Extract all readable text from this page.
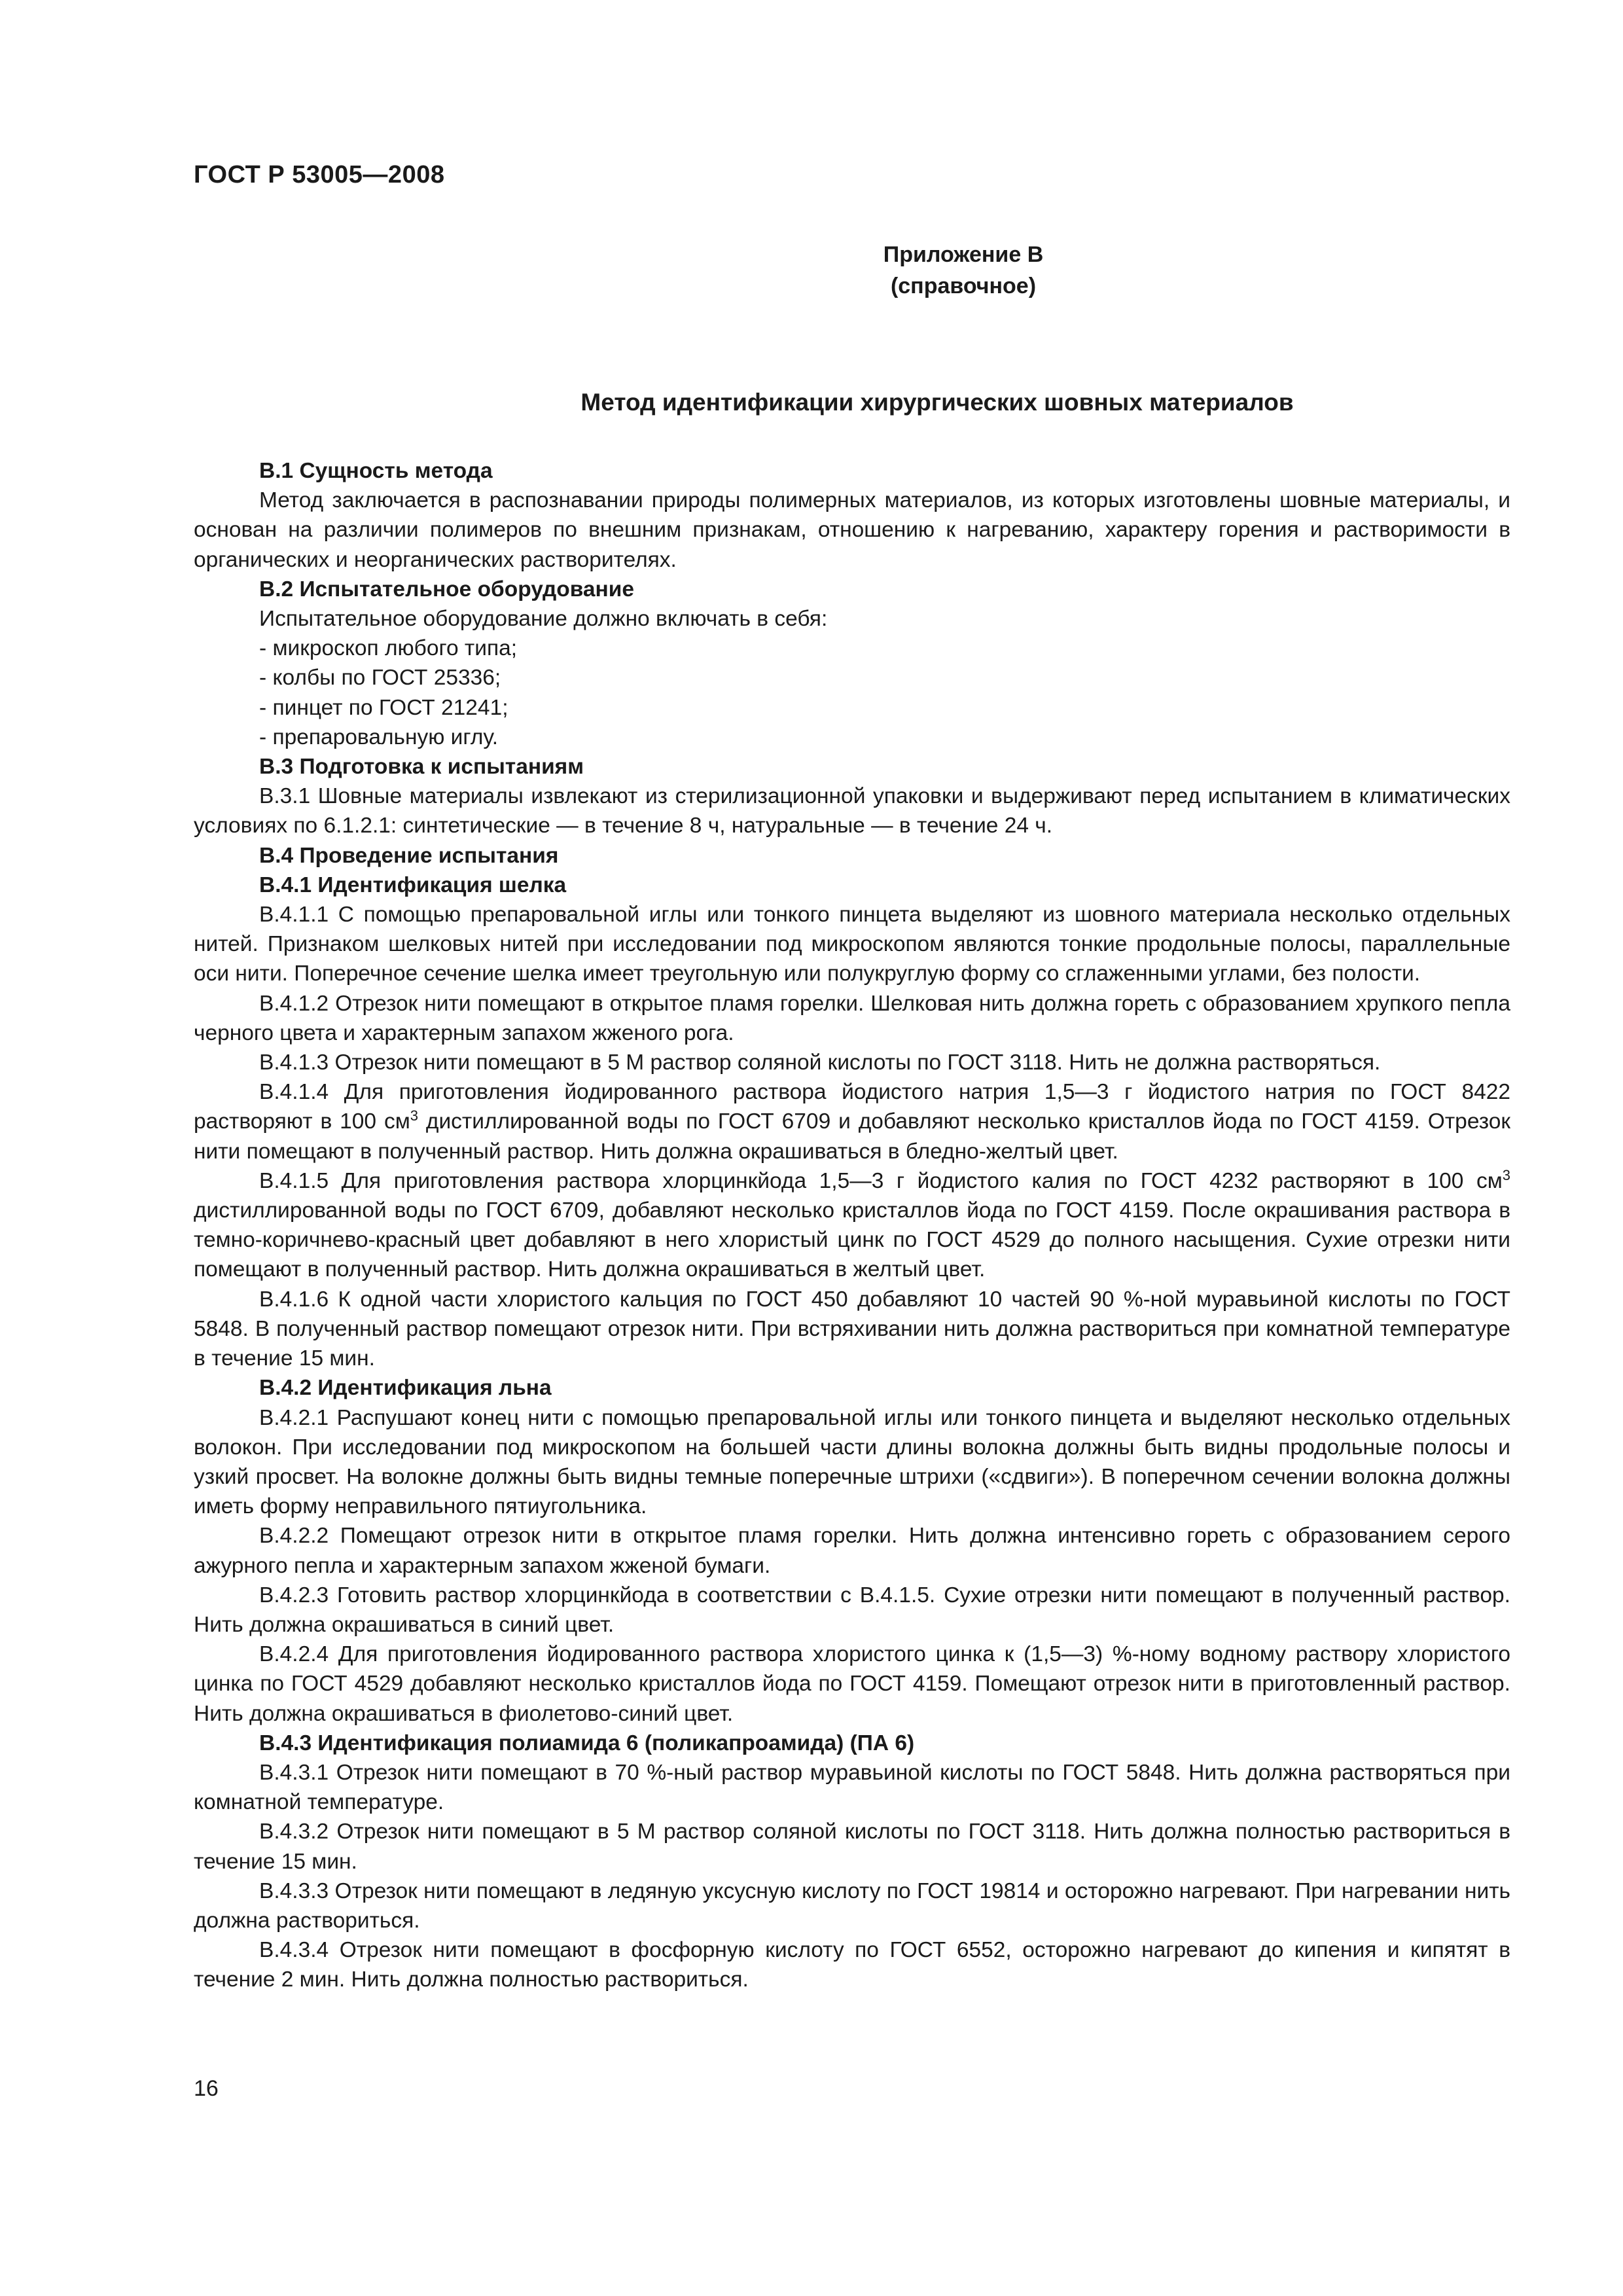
ГОСТ Р 53005—2008
Приложение В
(справочное)
Метод идентификации хирургических шовных материалов

В.1 Сущность метода

Метод заключается в распознавании природы полимерных материалов, из которых изготовлены шовные материалы, и основан на различии полимеров по внешним признакам, отношению к нагреванию, характеру горения и растворимости в органических и неорганических растворителях.

В.2 Испытательное оборудование

Испытательное оборудование должно включать в себя:

- микроскоп любого типа;

- колбы по ГОСТ 25336;

- пинцет по ГОСТ 21241;

- препаровальную иглу.

В.3 Подготовка к испытаниям

В.3.1 Шовные материалы извлекают из стерилизационной упаковки и выдерживают перед испытанием в климатических условиях по 6.1.2.1: синтетические — в течение 8 ч, натуральные — в течение 24 ч.

В.4 Проведение испытания

В.4.1 Идентификация шелка

В.4.1.1 С помощью препаровальной иглы или тонкого пинцета выделяют из шовного материала несколько отдельных нитей. Признаком шелковых нитей при исследовании под микроскопом являются тонкие продольные полосы, параллельные оси нити. Поперечное сечение шелка имеет треугольную или полукруглую форму со сглаженными углами, без полости.

В.4.1.2 Отрезок нити помещают в открытое пламя горелки. Шелковая нить должна гореть с образованием хрупкого пепла черного цвета и характерным запахом жженого рога.

В.4.1.3 Отрезок нити помещают в 5 М раствор соляной кислоты по ГОСТ 3118. Нить не должна растворяться.

В.4.1.4 Для приготовления йодированного раствора йодистого натрия 1,5—3 г йодистого натрия по ГОСТ 8422 растворяют в 100 $см^3$ дистиллированной воды по ГОСТ 6709 и добавляют несколько кристаллов йода по ГОСТ 4159. Отрезок нити помещают в полученный раствор. Нить должна окрашиваться в бледно-желтый цвет.

В.4.1.5 Для приготовления раствора хлорцинкйода 1,5—3 г йодистого калия по ГОСТ 4232 растворяют в 100 $см^3$ дистиллированной воды по ГОСТ 6709, добавляют несколько кристаллов йода по ГОСТ 4159. После окрашивания раствора в темно-коричнево-красный цвет добавляют в него хлористый цинк по ГОСТ 4529 до полного насыщения. Сухие отрезки нити помещают в полученный раствор. Нить должна окрашиваться в желтый цвет.

В.4.1.6 К одной части хлористого кальция по ГОСТ 450 добавляют 10 частей 90 %-ной муравьиной кислоты по ГОСТ 5848. В полученный раствор помещают отрезок нити. При встряхивании нить должна раствориться при комнатной температуре в течение 15 мин.

В.4.2 Идентификация льна

В.4.2.1 Распушают конец нити с помощью препаровальной иглы или тонкого пинцета и выделяют несколько отдельных волокон. При исследовании под микроскопом на большей части длины волокна должны быть видны продольные полосы и узкий просвет. На волокне должны быть видны темные поперечные штрихи («сдвиги»). В поперечном сечении волокна должны иметь форму неправильного пятиугольника.

В.4.2.2 Помещают отрезок нити в открытое пламя горелки. Нить должна интенсивно гореть с образованием серого ажурного пепла и характерным запахом жженой бумаги.

В.4.2.3 Готовить раствор хлорцинкйода в соответствии с В.4.1.5. Сухие отрезки нити помещают в полученный раствор. Нить должна окрашиваться в синий цвет.

В.4.2.4 Для приготовления йодированного раствора хлористого цинка к (1,5—3) %-ному водному раствору хлористого цинка по ГОСТ 4529 добавляют несколько кристаллов йода по ГОСТ 4159. Помещают отрезок нити в приготовленный раствор. Нить должна окрашиваться в фиолетово-синий цвет.

В.4.3 Идентификация полиамида 6 (поликапроамида) (ПА 6)

В.4.3.1 Отрезок нити помещают в 70 %-ный раствор муравьиной кислоты по ГОСТ 5848. Нить должна растворяться при комнатной температуре.

В.4.3.2 Отрезок нити помещают в 5 М раствор соляной кислоты по ГОСТ 3118. Нить должна полностью раствориться в течение 15 мин.

В.4.3.3 Отрезок нити помещают в ледяную уксусную кислоту по ГОСТ 19814 и осторожно нагревают. При нагревании нить должна раствориться.

В.4.3.4 Отрезок нити помещают в фосфорную кислоту по ГОСТ 6552, осторожно нагревают до кипения и кипятят в течение 2 мин. Нить должна полностью раствориться.

16
